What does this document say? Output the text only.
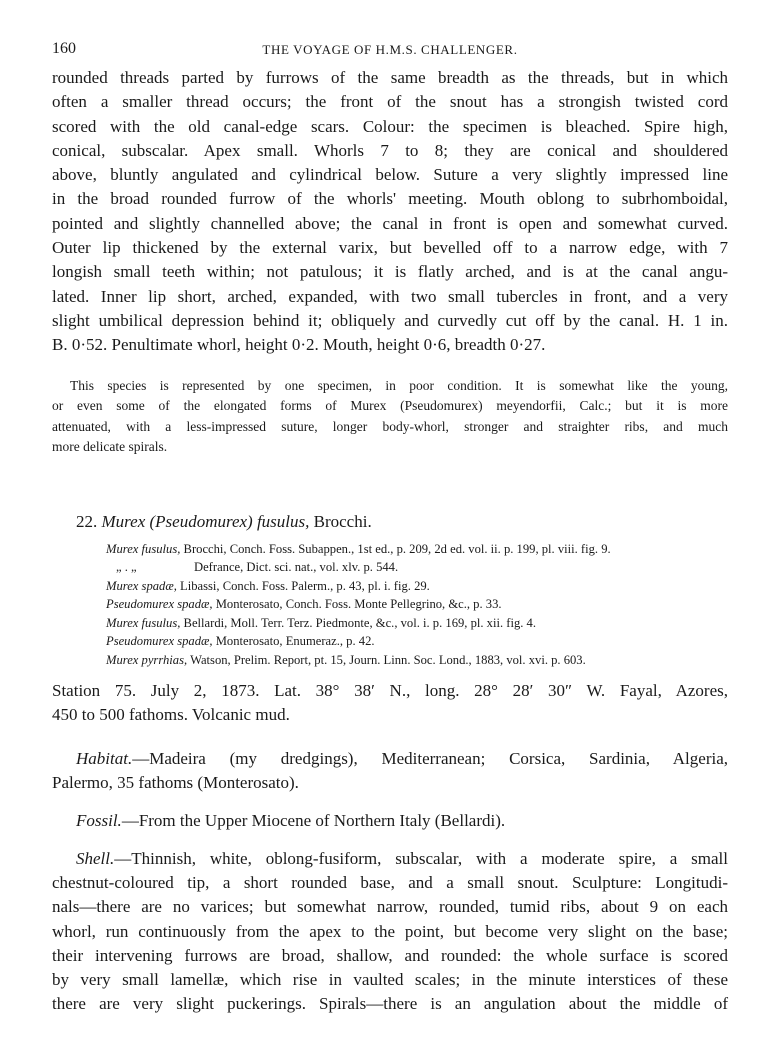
160	THE VOYAGE OF H.M.S. CHALLENGER.
rounded threads parted by furrows of the same breadth as the threads, but in which
often a smaller thread occurs; the front of the snout has a strongish twisted cord
scored with the old canal-edge scars. Colour: the specimen is bleached. Spire high,
conical, subscalar. Apex small. Whorls 7 to 8; they are conical and shouldered
above, bluntly angulated and cylindrical below. Suture a very slightly impressed line
in the broad rounded furrow of the whorls' meeting. Mouth oblong to subrhomboidal,
pointed and slightly channelled above; the canal in front is open and somewhat curved.
Outer lip thickened by the external varix, but bevelled off to a narrow edge, with 7
longish small teeth within; not patulous; it is flatly arched, and is at the canal angu-
lated. Inner lip short, arched, expanded, with two small tubercles in front, and a very
slight umbilical depression behind it; obliquely and curvedly cut off by the canal. H. 1 in.
B. 0·52. Penultimate whorl, height 0·2. Mouth, height 0·6, breadth 0·27.
This species is represented by one specimen, in poor condition. It is somewhat like the young,
or even some of the elongated forms of Murex (Pseudomurex) meyendorfii, Calc.; but it is more
attenuated, with a less-impressed suture, longer body-whorl, stronger and straighter ribs, and much
more delicate spirals.
22. Murex (Pseudomurex) fusulus, Brocchi.
Murex fusulus, Brocchi, Conch. Foss. Subappen., 1st ed., p. 209, 2d ed. vol. ii. p. 199, pl. viii. fig. 9.
„ . „	Defrance, Dict. sci. nat., vol. xlv. p. 544.
Murex spadæ, Libassi, Conch. Foss. Palerm., p. 43, pl. i. fig. 29.
Pseudomurex spadæ, Monterosato, Conch. Foss. Monte Pellegrino, &c., p. 33.
Murex fusulus, Bellardi, Moll. Terr. Terz. Piedmonte, &c., vol. i. p. 169, pl. xii. fig. 4.
Pseudomurex spadæ, Monterosato, Enumeraz., p. 42.
Murex pyrrhias, Watson, Prelim. Report, pt. 15, Journ. Linn. Soc. Lond., 1883, vol. xvi. p. 603.
Station 75. July 2, 1873. Lat. 38° 38′ N., long. 28° 28′ 30″ W. Fayal, Azores,
450 to 500 fathoms. Volcanic mud.
Habitat.—Madeira (my dredgings), Mediterranean; Corsica, Sardinia, Algeria,
Palermo, 35 fathoms (Monterosato).
Fossil.—From the Upper Miocene of Northern Italy (Bellardi).
Shell.—Thinnish, white, oblong-fusiform, subscalar, with a moderate spire, a small
chestnut-coloured tip, a short rounded base, and a small snout. Sculpture: Longitudi-
nals—there are no varices; but somewhat narrow, rounded, tumid ribs, about 9 on each
whorl, run continuously from the apex to the point, but become very slight on the base;
their intervening furrows are broad, shallow, and rounded: the whole surface is scored
by very small lamellæ, which rise in vaulted scales; in the minute interstices of these
there are very slight puckerings. Spirals—there is an angulation about the middle of
